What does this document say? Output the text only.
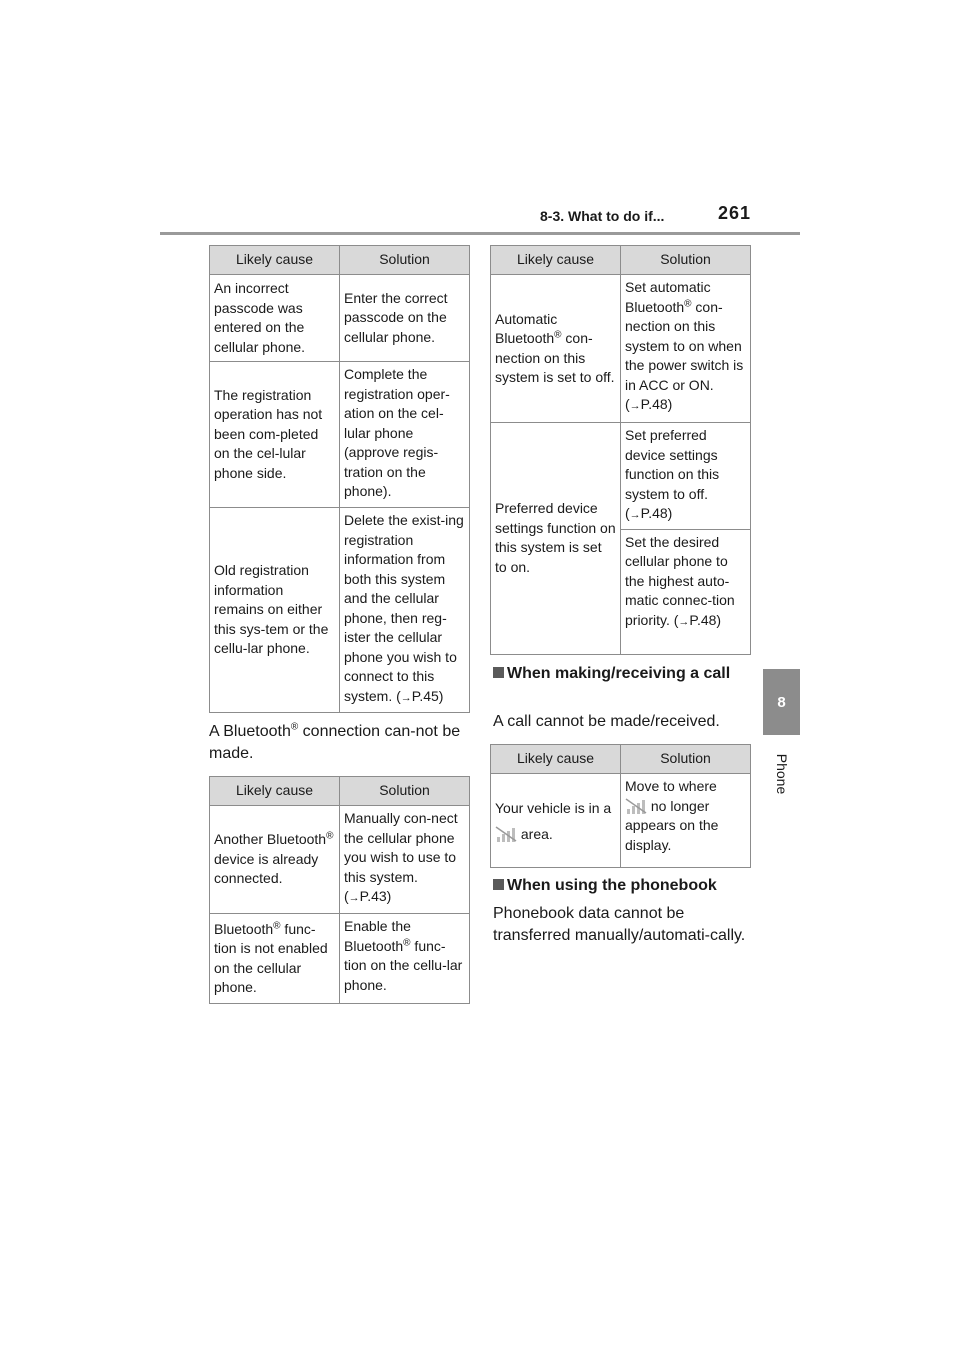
8-3. What to do if...	261
8
Phone
Likely cause	Solution
An incorrect passcode was entered on the cellular phone.	Enter the correct passcode on the cellular phone.
The registration operation has not been com-pleted on the cel-lular phone side.	Complete the registration oper-ation on the cel-lular phone (approve regis-tration on the phone).
Old registration information remains on either this sys-tem or the cellu-lar phone.	Delete the exist-ing registration information from both this system and the cellular phone, then reg-ister the cellular phone you wish to connect to this system. (→P.45)
A Bluetooth® connection can-not be made.
Likely cause	Solution
Another Bluetooth® device is already connected.	Manually con-nect the cellular phone you wish to use to this system. (→P.43)
Bluetooth® func-tion is not enabled on the cellular phone.	Enable the Bluetooth® func-tion on the cellu-lar phone.
Likely cause	Solution
Automatic Bluetooth® con-nection on this system is set to off.	Set automatic Bluetooth® con-nection on this system to on when the power switch is in ACC or ON. (→P.48)
Preferred device settings function on this system is set to on.	Set preferred device settings function on this system to off. (→P.48)
	Set the desired cellular phone to the highest auto-matic connec-tion priority. (→P.48)
When making/receiving a call
A call cannot be made/received.
Likely cause	Solution
Your vehicle is in a area.	Move to where
no longer appears on the display.
When using the phonebook
Phonebook data cannot be transferred manually/automati-cally.
